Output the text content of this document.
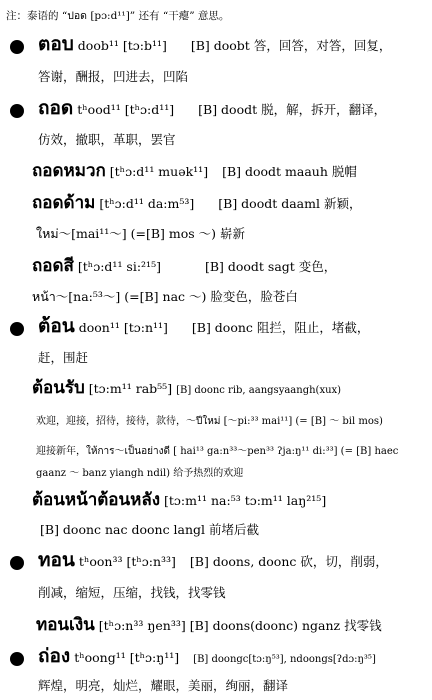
注：泰语的 “ปอด [pɔ:d¹¹]” 还有 “干瘪” 意思。
ตอบ doob¹¹ [tɔ:b¹¹] [B] doobt 答，回答，对答，回复，
答谢，酬报，凹进去，凹陷
ถอด tʰood¹¹ [tʰɔ:d¹¹] [B] doodt 脱，解，拆开，翻译，
仿效，撤职，革职，罢官
ถอดหมวก [tʰɔ:d¹¹ muək¹¹] [B] doodt maauh 脱帽
ถอดด้าม [tʰɔ:d¹¹ da:m⁵³] [B] doodt daaml 新颖，
ใหม่～[mai¹¹～] (=[B] mos ～) 崭新
ถอดสี [tʰɔ:d¹¹ si:²¹⁵]	[B] doodt sagt 变色，
หน้า～[na:⁵³～] (=[B] nac ～) 脸变色，脸苍白
ต้อน doon¹¹ [tɔ:n¹¹] [B] doonc 阻拦，阻止，堵截，
赶，围赶
ต้อนรับ [tɔ:m¹¹ rab⁵⁵] [B] doonc rib, aangsyaangh(xux)
欢迎，迎接，招待，接待，款待，～ปีใหม่ [～pi:³³ mai¹¹] (= [B] ～ bil mos)
迎接新年，ให้การ～เป็นอย่างดี [ hai¹³ ga:n³³～pen³³ ʔja:ŋ¹¹ di:³³] (= [B] haec
gaanz ～ banz yiangh ndil) 给予热烈的欢迎
ต้อนหน้าต้อนหลัง [tɔ:m¹¹ na:⁵³ tɔ:m¹¹ laŋ²¹⁵]
[B] doonc nac doonc langl 前堵后截
ทอน tʰoon³³ [tʰɔ:n³³] [B] doons, doonc 砍，切，削弱，
削减，缩短，压缩，找钱，找零钱
ทอนเงิน [tʰɔ:n³³ ŋen³³] [B] doons(doonc) nganz 找零钱
ถ่อง tʰoong¹¹ [tʰɔ:ŋ¹¹] [B] doongc[tɔ:ŋ⁵³], ndoongs[ʔdɔ:ŋ³⁵]
辉煌，明亮，灿烂，耀眼，美丽，绚丽，翻译
